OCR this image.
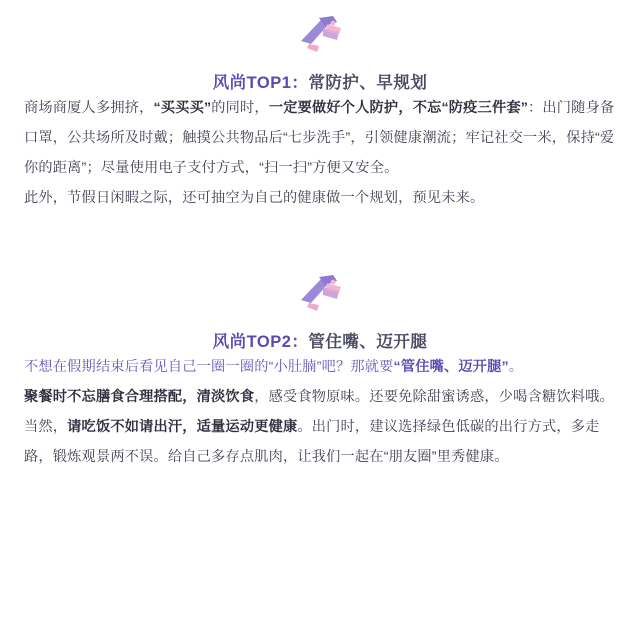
风尚TOP1：常防护、早规划

商场商厦人多拥挤，“买买买”的同时，一定要做好个人防护，不忘“防疫三件套”：出门随身备口罩，公共场所及时戴；触摸公共物品后“七步洗手”，引领健康潮流；牢记社交一米，保持“爱你的距离”；尽量使用电子支付方式，“扫一扫”方便又安全。

此外，节假日闲暇之际，还可抽空为自己的健康做一个规划，预见未来。

风尚TOP2：管住嘴、迈开腿

不想在假期结束后看见自己一圈一圈的“小肚腩”吧？那就要“管住嘴、迈开腿”。

聚餐时不忘膳食合理搭配，清淡饮食，感受食物原味。还要免除甜蜜诱惑，少喝含糖饮料哦。

当然，请吃饭不如请出汗，适量运动更健康。出门时，建议选择绿色低碳的出行方式，多走路，锻炼观景两不误。给自己多存点肌肉，让我们一起在“朋友圈”里秀健康。
